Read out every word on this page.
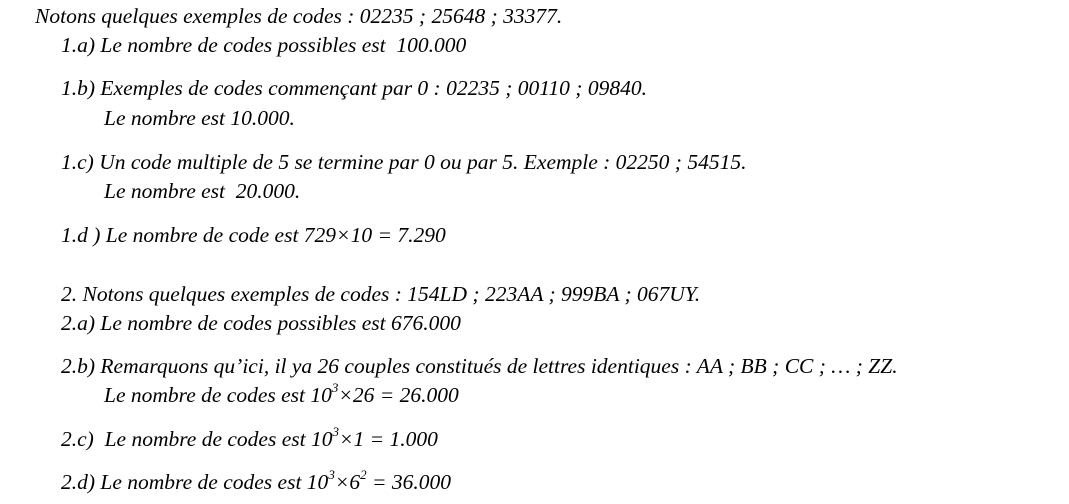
Notons quelques exemples de codes : 02235 ; 25648 ; 33377.
1.a) Le nombre de codes possibles est  100.000
1.b) Exemples de codes commençant par 0 : 02235 ; 00110 ; 09840.
Le nombre est 10.000.
1.c) Un code multiple de 5 se termine par 0 ou par 5. Exemple : 02250 ; 54515.
Le nombre est  20.000.
1.d ) Le nombre de code est 729×10 = 7.290
2. Notons quelques exemples de codes : 154LD ; 223AA ; 999BA ; 067UY.
2.a) Le nombre de codes possibles est 676.000
2.b) Remarquons qu’ici, il ya 26 couples constitués de lettres identiques : AA ; BB ; CC ; … ; ZZ.
Le nombre de codes est $10^3\times 26 = 26.000$
2.c)  Le nombre de codes est $10^3\times 1 = 1.000$
2.d) Le nombre de codes est $10^3\times 6^2 = 36.000$
